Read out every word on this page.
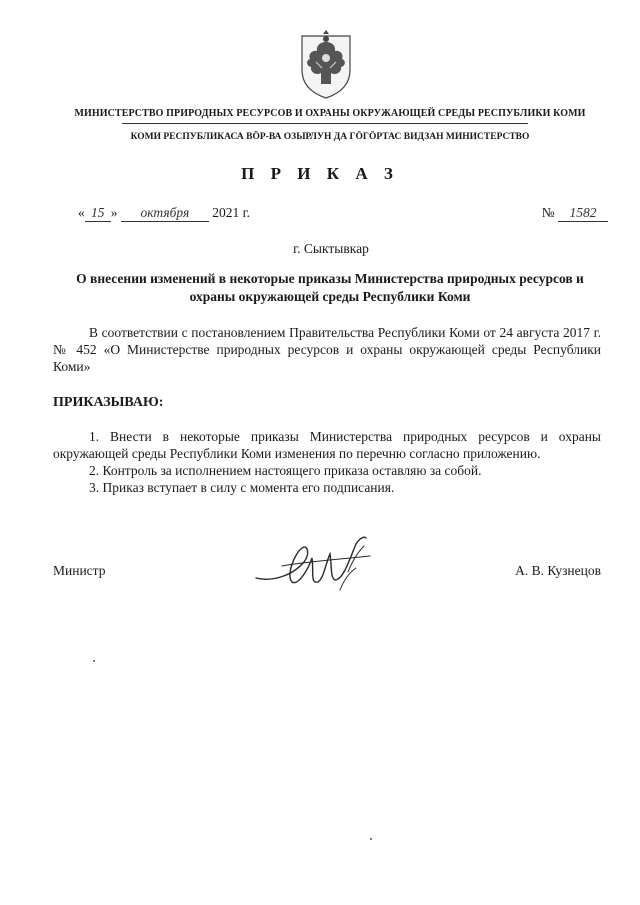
МИНИСТЕРСТВО ПРИРОДНЫХ РЕСУРСОВ И ОХРАНЫ ОКРУЖАЮЩЕЙ СРЕДЫ РЕСПУБЛИКИ КОМИ
КОМИ РЕСПУБЛИКАСА ВӦР-ВА ОЗЫРЛУН ДА ГӦГӦРТАС ВИДЗАН МИНИСТЕРСТВО
П Р И К А З
« 15 » октября 2021 г.	№ 1582
г. Сыктывкар
О внесении изменений в некоторые приказы Министерства природных ресурсов и охраны окружающей среды Республики Коми

В соответствии с постановлением Правительства Республики Коми от 24 августа 2017 г. № 452 «О Министерстве природных ресурсов и охраны окружающей среды Республики Коми»

ПРИКАЗЫВАЮ:

1. Внести в некоторые приказы Министерства природных ресурсов и охраны окружающей среды Республики Коми изменения по перечню согласно приложению.

2. Контроль за исполнением настоящего приказа оставляю за собой.

3. Приказ вступает в силу с момента его подписания.

Министр	А. В. Кузнецов
